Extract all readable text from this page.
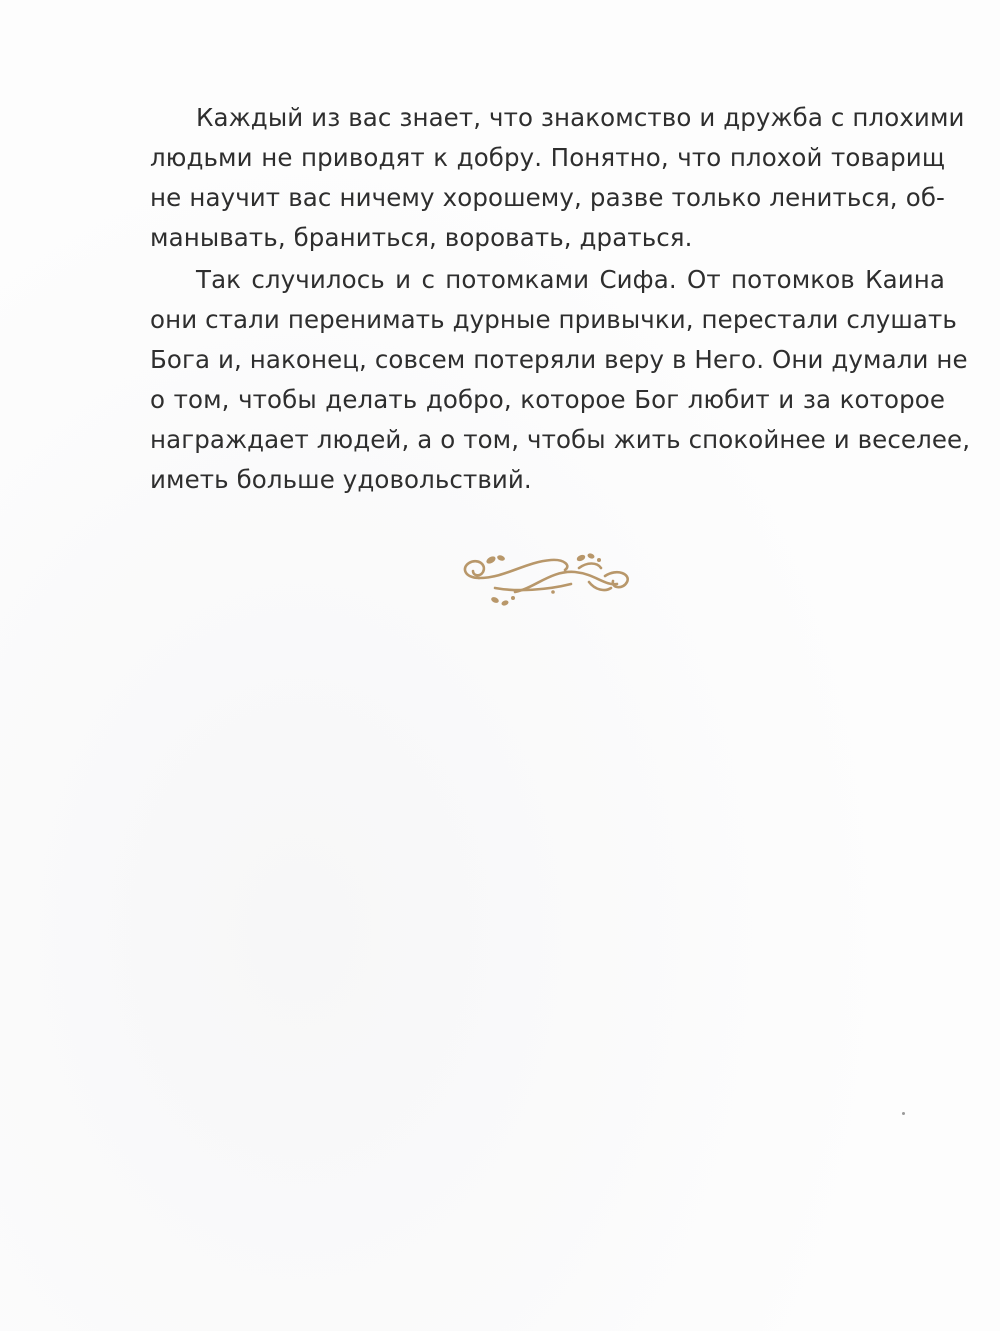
Каждый из вас знает, что знакомство и дружба с плохими
людьми не приводят к добру. Понятно, что плохой товарищ
не научит вас ничему хорошему, разве только лениться, об-
манывать, браниться, воровать, драться.

Так случилось и с потомками Сифа. От потомков Каина
они стали перенимать дурные привычки, перестали слушать
Бога и, наконец, совсем потеряли веру в Него. Они думали не
о том, чтобы делать добро, которое Бог любит и за которое
награждает людей, а о том, чтобы жить спокойнее и веселее,
иметь больше удовольствий.
